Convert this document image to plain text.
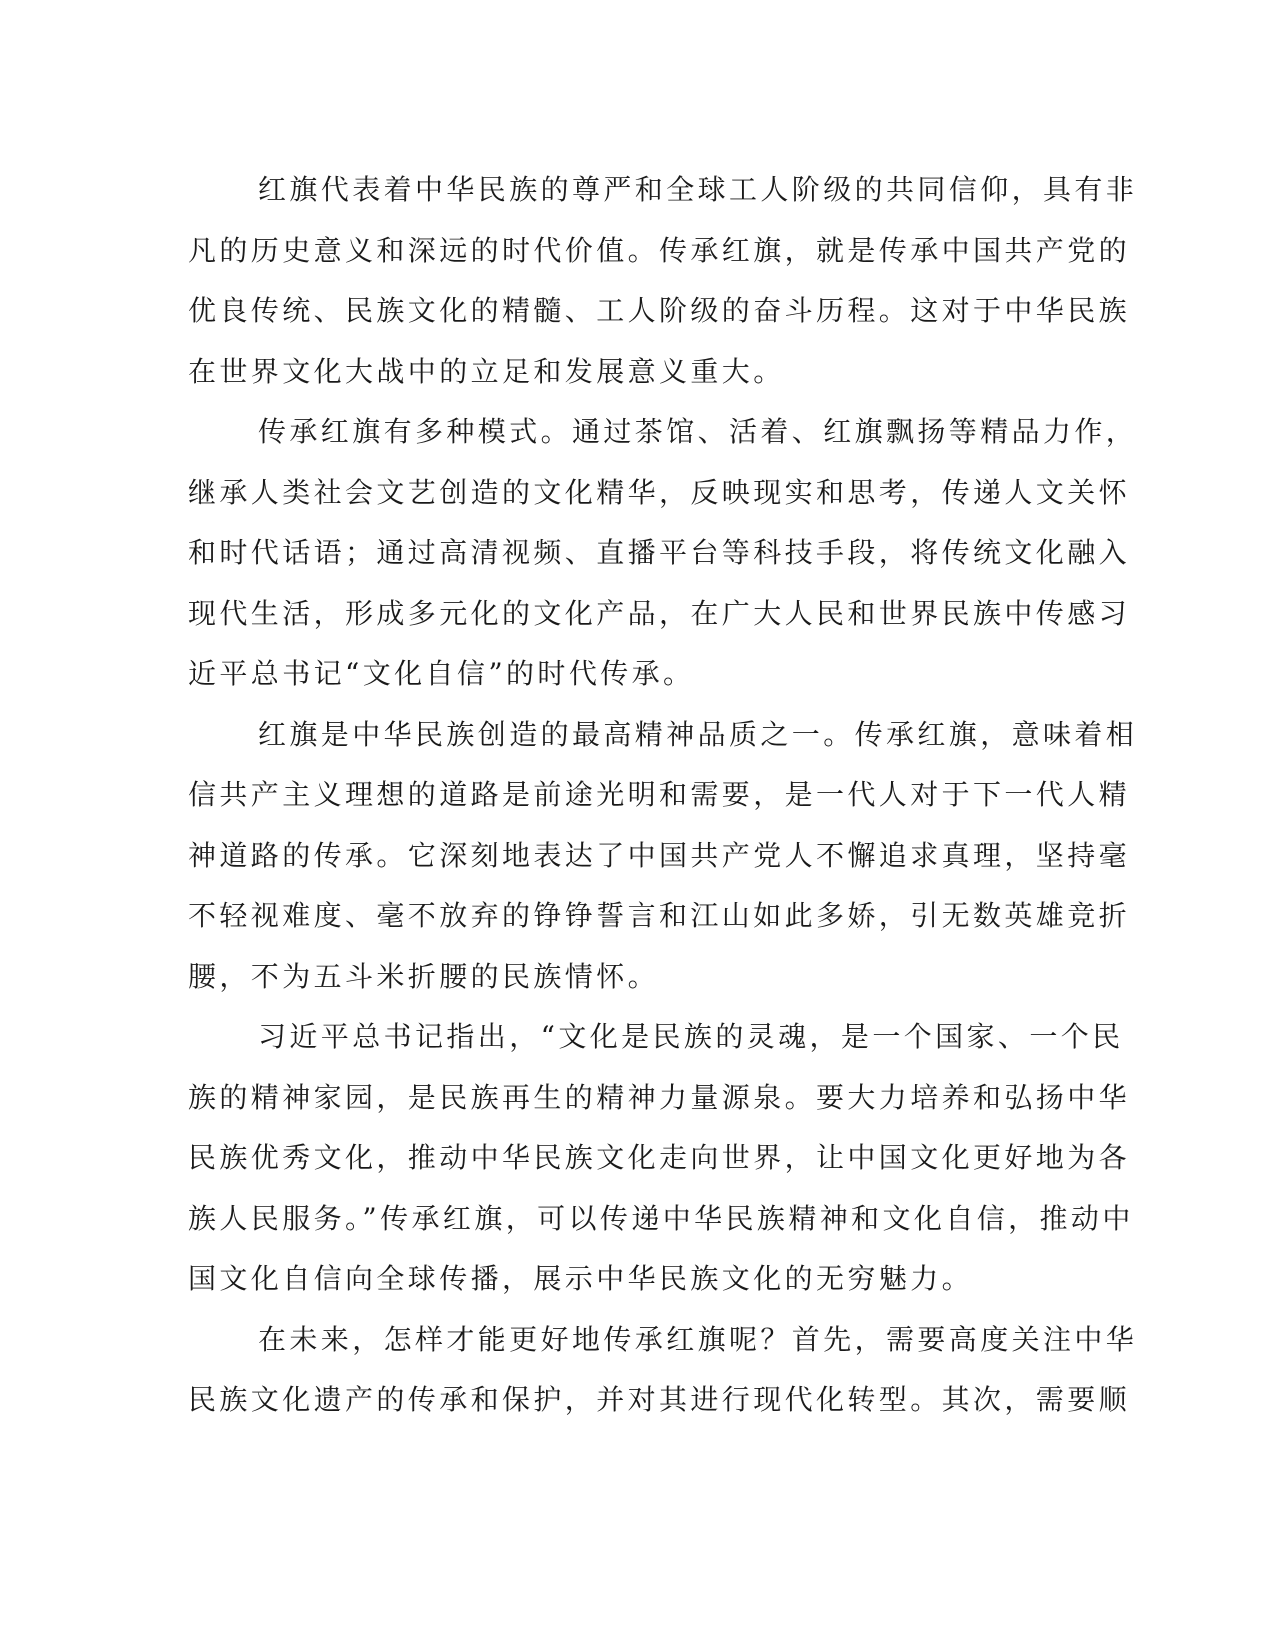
红旗代表着中华民族的尊严和全球工人阶级的共同信仰，具有非
凡的历史意义和深远的时代价值。传承红旗，就是传承中国共产党的
优良传统、民族文化的精髓、工人阶级的奋斗历程。这对于中华民族
在世界文化大战中的立足和发展意义重大。
传承红旗有多种模式。通过茶馆、活着、红旗飘扬等精品力作，
继承人类社会文艺创造的文化精华，反映现实和思考，传递人文关怀
和时代话语；通过高清视频、直播平台等科技手段，将传统文化融入
现代生活，形成多元化的文化产品，在广大人民和世界民族中传感习
近平总书记“文化自信”的时代传承。
红旗是中华民族创造的最高精神品质之一。传承红旗，意味着相
信共产主义理想的道路是前途光明和需要，是一代人对于下一代人精
神道路的传承。它深刻地表达了中国共产党人不懈追求真理，坚持毫
不轻视难度、毫不放弃的铮铮誓言和江山如此多娇，引无数英雄竞折
腰，不为五斗米折腰的民族情怀。
习近平总书记指出，“文化是民族的灵魂，是一个国家、一个民
族的精神家园，是民族再生的精神力量源泉。要大力培养和弘扬中华
民族优秀文化，推动中华民族文化走向世界，让中国文化更好地为各
族人民服务。”传承红旗，可以传递中华民族精神和文化自信，推动中
国文化自信向全球传播，展示中华民族文化的无穷魅力。
在未来，怎样才能更好地传承红旗呢？首先，需要高度关注中华
民族文化遗产的传承和保护，并对其进行现代化转型。其次，需要顺
